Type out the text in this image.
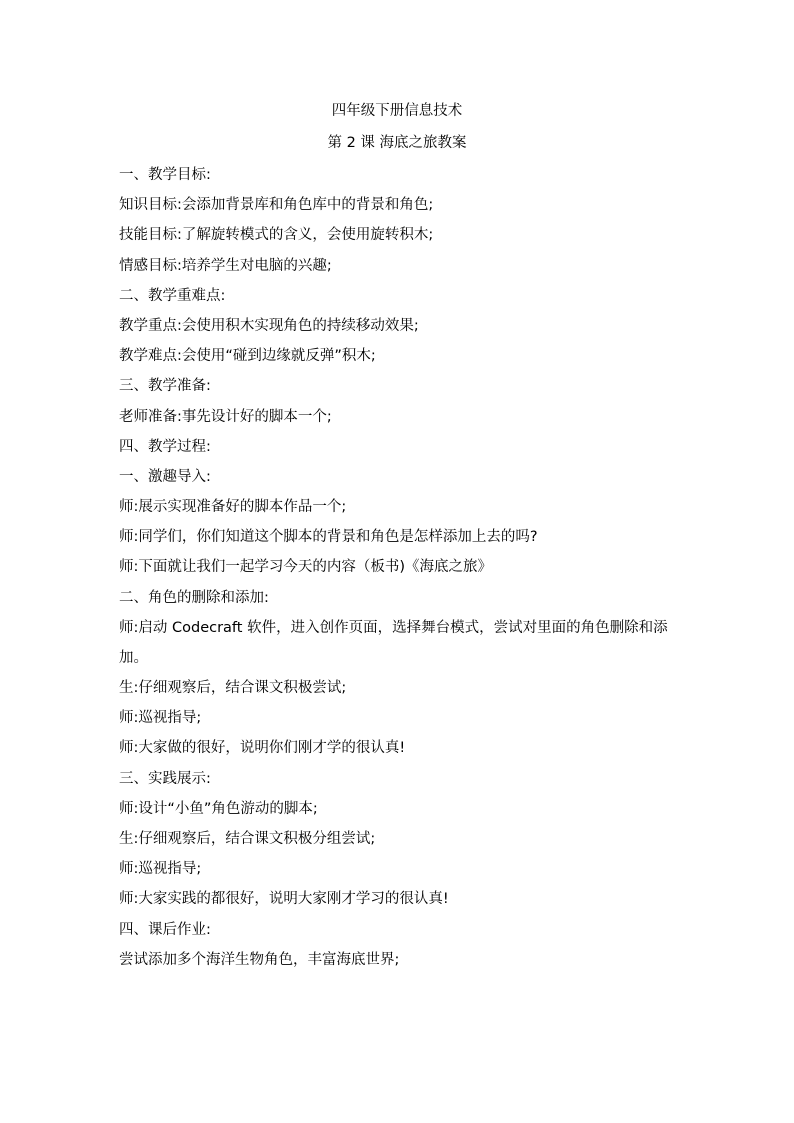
四年级下册信息技术
第 2 课 海底之旅教案
一、教学目标:
知识目标:会添加背景库和角色库中的背景和角色;
技能目标:了解旋转模式的含义，会使用旋转积木;
情感目标:培养学生对电脑的兴趣;
二、教学重难点:
教学重点:会使用积木实现角色的持续移动效果;
教学难点:会使用“碰到边缘就反弹”积木;
三、教学准备:
老师准备:事先设计好的脚本一个;
四、教学过程:
一、激趣导入:
师:展示实现准备好的脚本作品一个;
师:同学们，你们知道这个脚本的背景和角色是怎样添加上去的吗?
师:下面就让我们一起学习今天的内容（板书)《海底之旅》
二、角色的删除和添加:
师:启动 Codecraft 软件，进入创作页面，选择舞台模式，尝试对里面的角色删除和添加。
生:仔细观察后，结合课文积极尝试;
师:巡视指导;
师:大家做的很好，说明你们刚才学的很认真!
三、实践展示:
师:设计“小鱼”角色游动的脚本;
生:仔细观察后，结合课文积极分组尝试;
师:巡视指导;
师:大家实践的都很好，说明大家刚才学习的很认真!
四、课后作业:
尝试添加多个海洋生物角色，丰富海底世界;
